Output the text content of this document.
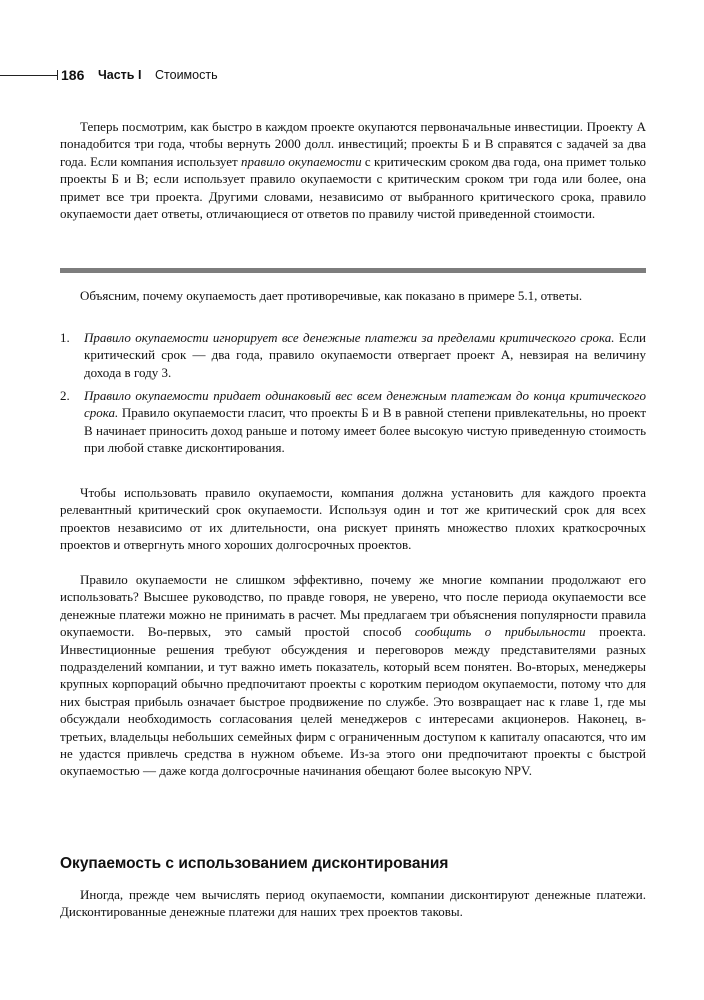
186 Часть I Стоимость

Теперь посмотрим, как быстро в каждом проекте окупаются первоначальные инвестиции. Проекту А понадобится три года, чтобы вернуть 2000 долл. инвестиций; проекты Б и В справятся с задачей за два года. Если компания использует правило окупаемости с критическим сроком два года, она примет только проекты Б и В; если использует правило окупаемости с критическим сроком три года или более, она примет все три проекта. Другими словами, независимо от выбранного критического срока, правило окупаемости дает ответы, отличающиеся от ответов по правилу чистой приведенной стоимости.

Объясним, почему окупаемость дает противоречивые, как показано в примере 5.1, ответы.

1. Правило окупаемости игнорирует все денежные платежи за пределами критического срока. Если критический срок — два года, правило окупаемости отвергает проект А, невзирая на величину дохода в году 3.
2. Правило окупаемости придает одинаковый вес всем денежным платежам до конца критического срока. Правило окупаемости гласит, что проекты Б и В в равной степени привлекательны, но проект В начинает приносить доход раньше и потому имеет более высокую чистую приведенную стоимость при любой ставке дисконтирования.

Чтобы использовать правило окупаемости, компания должна установить для каждого проекта релевантный критический срок окупаемости. Используя один и тот же критический срок для всех проектов независимо от их длительности, она рискует принять множество плохих краткосрочных проектов и отвергнуть много хороших долгосрочных проектов.

Правило окупаемости не слишком эффективно, почему же многие компании продолжают его использовать? Высшее руководство, по правде говоря, не уверено, что после периода окупаемости все денежные платежи можно не принимать в расчет. Мы предлагаем три объяснения популярности правила окупаемости. Во-первых, это самый простой способ сообщить о прибыльности проекта. Инвестиционные решения требуют обсуждения и переговоров между представителями разных подразделений компании, и тут важно иметь показатель, который всем понятен. Во-вторых, менеджеры крупных корпораций обычно предпочитают проекты с коротким периодом окупаемости, потому что для них быстрая прибыль означает быстрое продвижение по службе. Это возвращает нас к главе 1, где мы обсуждали необходимость согласования целей менеджеров с интересами акционеров. Наконец, в-третьих, владельцы небольших семейных фирм с ограниченным доступом к капиталу опасаются, что им не удастся привлечь средства в нужном объеме. Из-за этого они предпочитают проекты с быстрой окупаемостью — даже когда долгосрочные начинания обещают более высокую NPV.

Окупаемость с использованием дисконтирования

Иногда, прежде чем вычислять период окупаемости, компании дисконтируют денежные платежи. Дисконтированные денежные платежи для наших трех проектов таковы.
